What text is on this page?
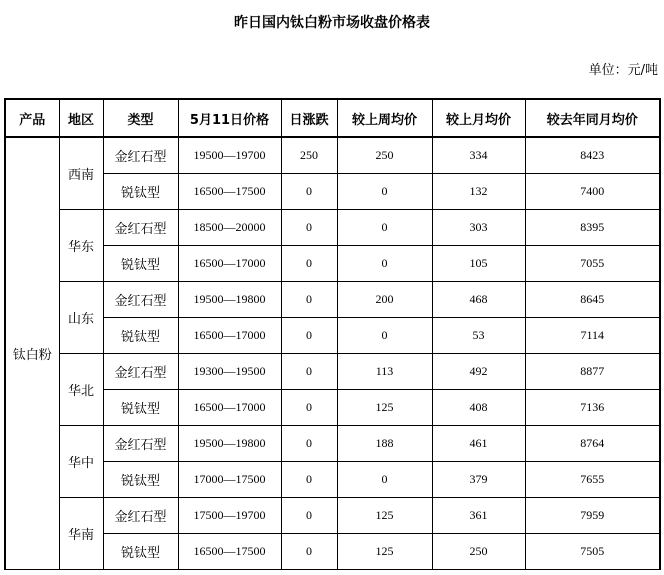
昨日国内钛白粉市场收盘价格表
单位：元/吨
产品	地区	类型	5月11日价格	日涨跌	较上周均价	较上月均价	较去年同月均价
钛白粉	西南	金红石型	19500—19700	250	250	334	8423
		锐钛型	16500—17500	0	0	132	7400
	华东	金红石型	18500—20000	0	0	303	8395
		锐钛型	16500—17000	0	0	105	7055
	山东	金红石型	19500—19800	0	200	468	8645
		锐钛型	16500—17000	0	0	53	7114
	华北	金红石型	19300—19500	0	113	492	8877
		锐钛型	16500—17000	0	125	408	7136
	华中	金红石型	19500—19800	0	188	461	8764
		锐钛型	17000—17500	0	0	379	7655
	华南	金红石型	17500—19700	0	125	361	7959
		锐钛型	16500—17500	0	125	250	7505
